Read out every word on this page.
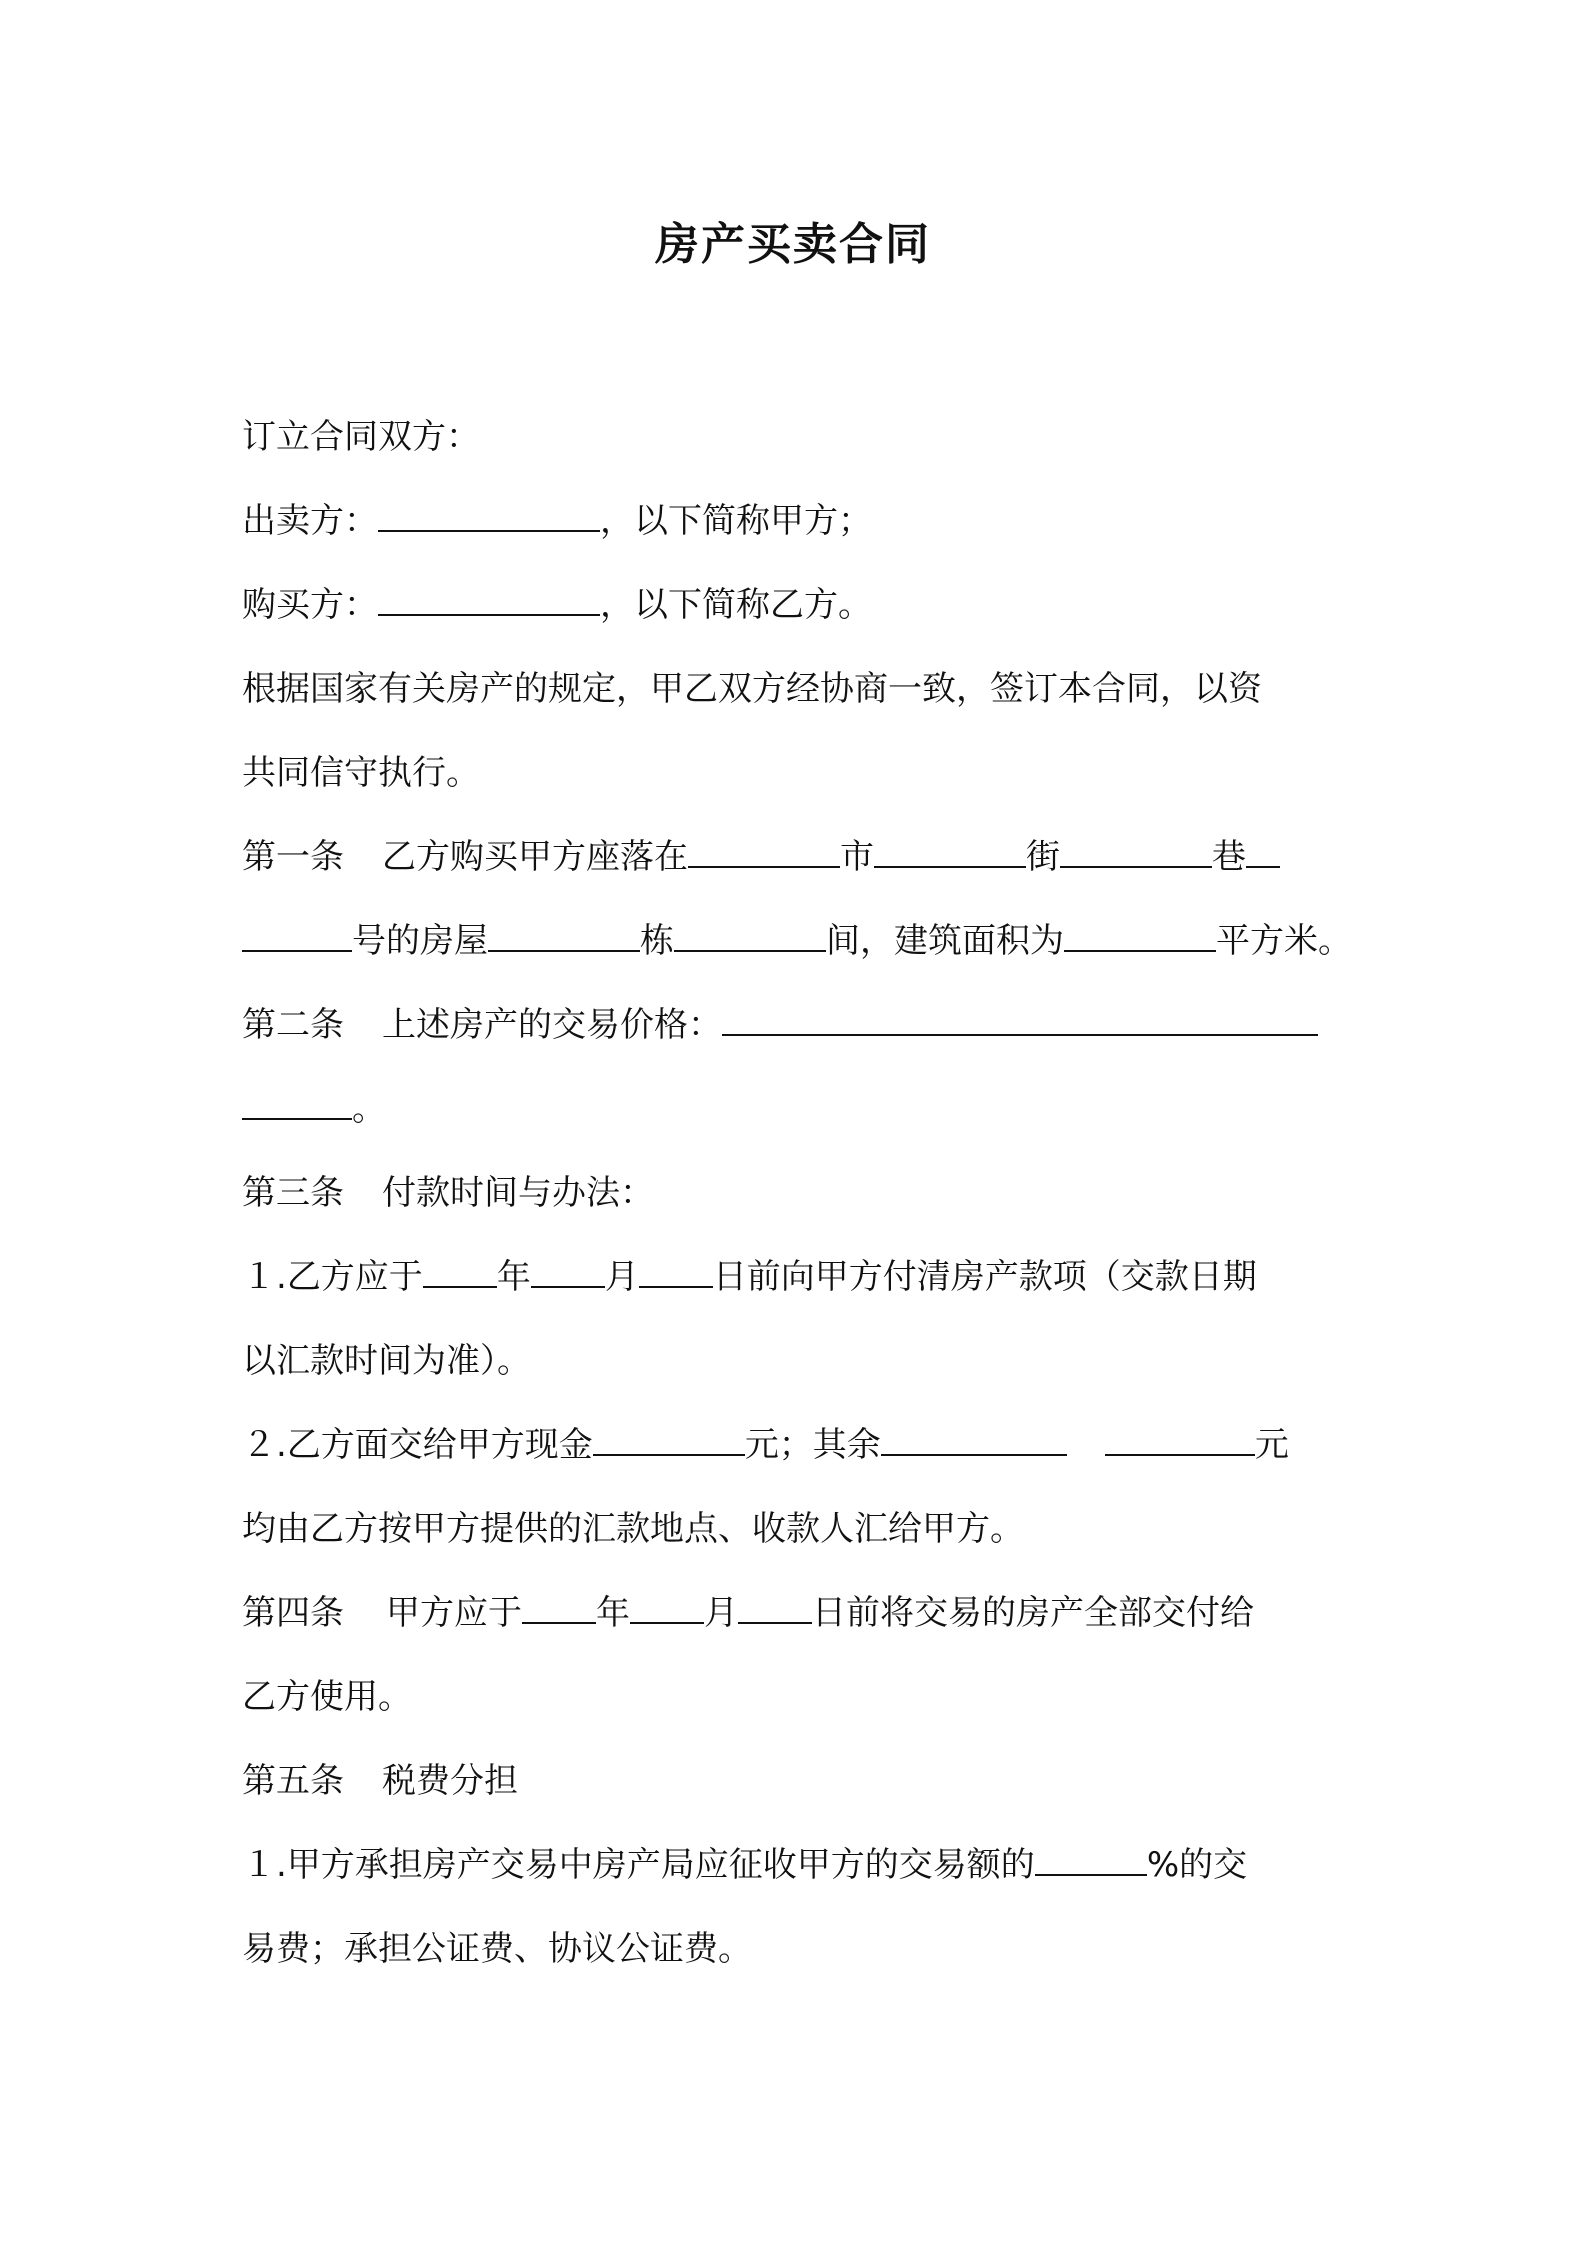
房产买卖合同
订立合同双方：
出卖方：	，以下简称甲方；
购买方：	，以下简称乙方。
根据国家有关房产的规定，甲乙双方经协商一致，签订本合同，以资
共同信守执行。
第一条 乙方购买甲方座落在	市	街	巷
号的房屋	栋	间，建筑面积为	平方米。
第二条 上述房产的交易价格：
。
第三条 付款时间与办法：
１.乙方应于 年 月 日前向甲方付清房产款项（交款日期
以汇款时间为准）。
２.乙方面交给甲方现金	元；其余	元
均由乙方按甲方提供的汇款地点、收款人汇给甲方。
第四条 甲方应于 年 月 日前将交易的房产全部交付给
乙方使用。
第五条 税费分担
１.甲方承担房产交易中房产局应征收甲方的交易额的	%的交
易费；承担公证费、协议公证费。
